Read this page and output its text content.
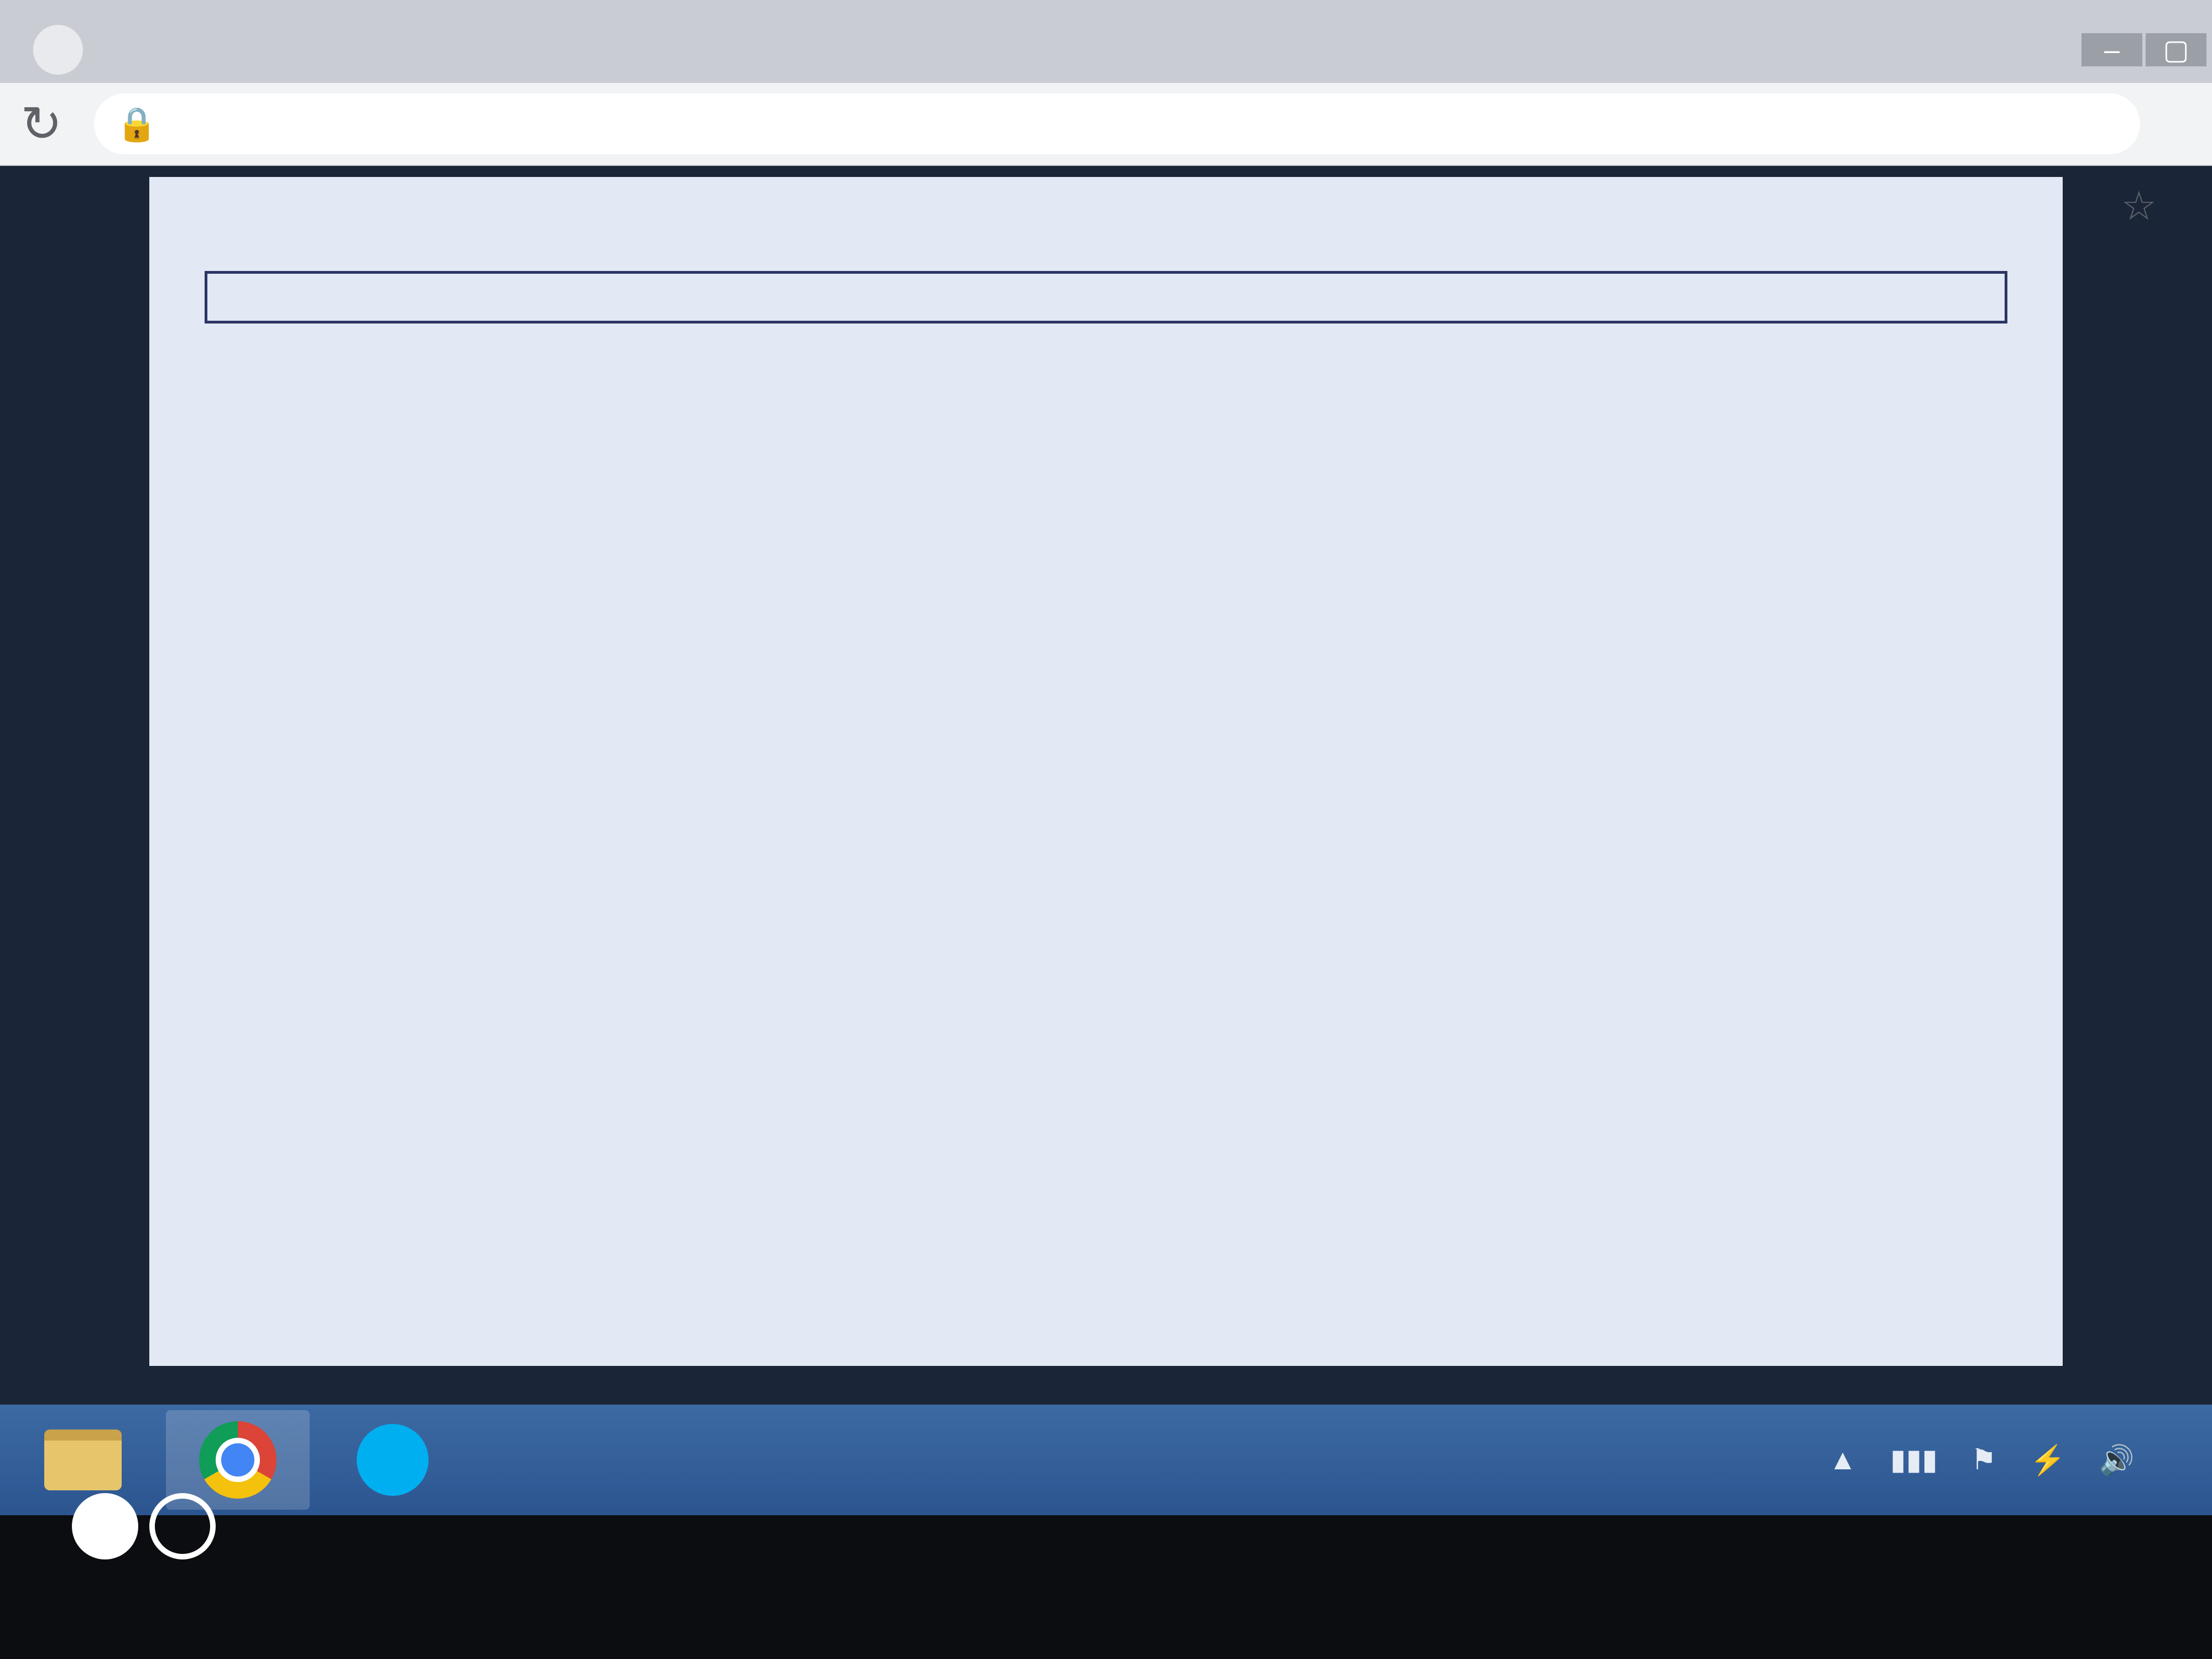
–	▢
↻ 🔒
☆

▲ ▮▮▮ ⚑ ⚡ 🔊
